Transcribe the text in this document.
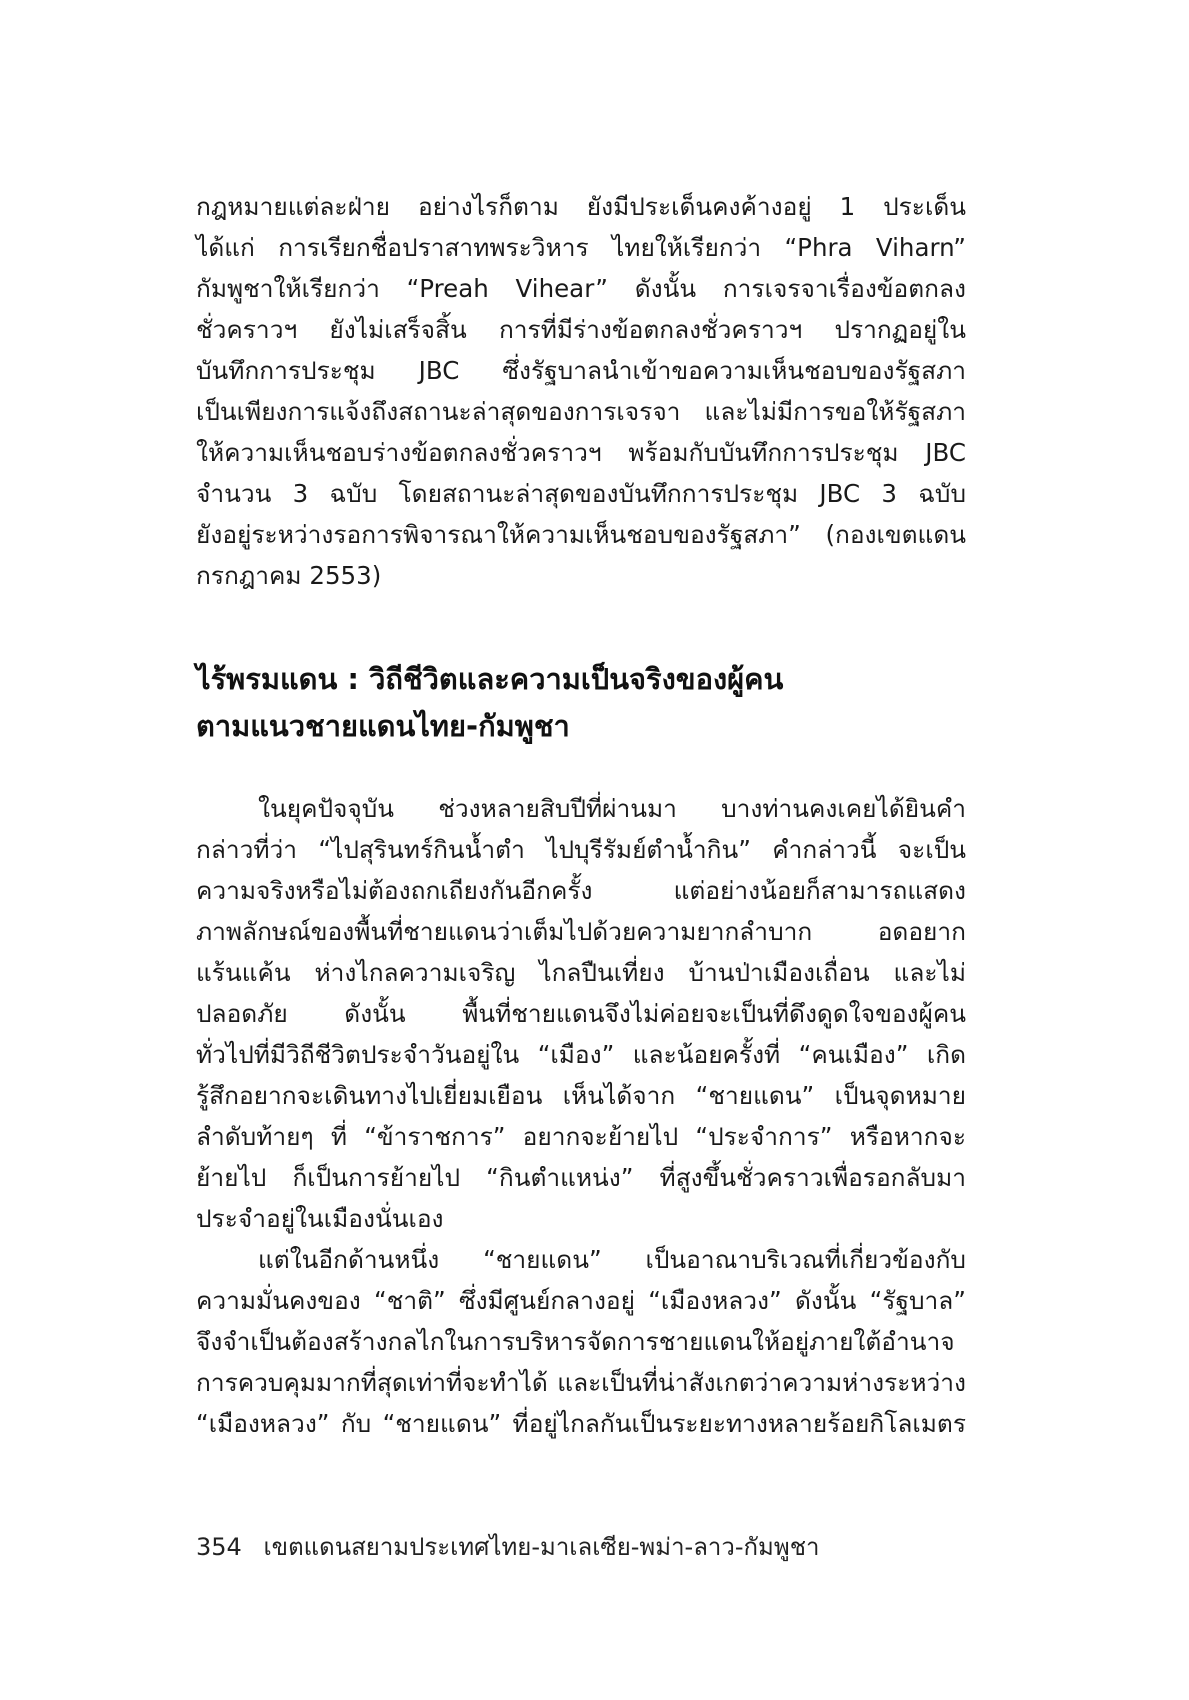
กฎหมายแต่ละฝ่าย อย่างไรก็ตาม ยังมีประเด็นคงค้างอยู่ 1 ประเด็น
ได้แก่ การเรียกชื่อปราสาทพระวิหาร ไทยให้เรียกว่า “Phra Viharn”
กัมพูชาให้เรียกว่า “Preah Vihear” ดังนั้น การเจรจาเรื่องข้อตกลง
ชั่วคราวฯ ยังไม่เสร็จสิ้น การที่มีร่างข้อตกลงชั่วคราวฯ ปรากฏอยู่ใน
บันทึกการประชุม JBC ซึ่งรัฐบาลนำเข้าขอความเห็นชอบของรัฐสภา
เป็นเพียงการแจ้งถึงสถานะล่าสุดของการเจรจา และไม่มีการขอให้รัฐสภา
ให้ความเห็นชอบร่างข้อตกลงชั่วคราวฯ พร้อมกับบันทึกการประชุม JBC
จำนวน 3 ฉบับ โดยสถานะล่าสุดของบันทึกการประชุม JBC 3 ฉบับ
ยังอยู่ระหว่างรอการพิจารณาให้ความเห็นชอบของรัฐสภา” (กองเขตแดน
กรกฎาคม 2553)
ไร้พรมแดน : วิถีชีวิตและความเป็นจริงของผู้คน
ตามแนวชายแดนไทย-กัมพูชา
ในยุคปัจจุบัน ช่วงหลายสิบปีที่ผ่านมา บางท่านคงเคยได้ยินคำ
กล่าวที่ว่า “ไปสุรินทร์กินน้ำตำ ไปบุรีรัมย์ตำน้ำกิน” คำกล่าวนี้ จะเป็น
ความจริงหรือไม่ต้องถกเถียงกันอีกครั้ง แต่อย่างน้อยก็สามารถแสดง
ภาพลักษณ์ของพื้นที่ชายแดนว่าเต็มไปด้วยความยากลำบาก อดอยาก
แร้นแค้น ห่างไกลความเจริญ ไกลปืนเที่ยง บ้านป่าเมืองเถื่อน และไม่
ปลอดภัย ดังนั้น พื้นที่ชายแดนจึงไม่ค่อยจะเป็นที่ดึงดูดใจของผู้คน
ทั่วไปที่มีวิถีชีวิตประจำวันอยู่ใน “เมือง” และน้อยครั้งที่ “คนเมือง” เกิด
รู้สึกอยากจะเดินทางไปเยี่ยมเยือน เห็นได้จาก “ชายแดน” เป็นจุดหมาย
ลำดับท้ายๆ ที่ “ข้าราชการ” อยากจะย้ายไป “ประจำการ” หรือหากจะ
ย้ายไป ก็เป็นการย้ายไป “กินตำแหน่ง” ที่สูงขึ้นชั่วคราวเพื่อรอกลับมา
ประจำอยู่ในเมืองนั่นเอง
แต่ในอีกด้านหนึ่ง “ชายแดน” เป็นอาณาบริเวณที่เกี่ยวข้องกับ
ความมั่นคงของ “ชาติ” ซึ่งมีศูนย์กลางอยู่ “เมืองหลวง” ดังนั้น “รัฐบาล”
จึงจำเป็นต้องสร้างกลไกในการบริหารจัดการชายแดนให้อยู่ภายใต้อำนาจ
การควบคุมมากที่สุดเท่าที่จะทำได้ และเป็นที่น่าสังเกตว่าความห่างระหว่าง
“เมืองหลวง” กับ “ชายแดน” ที่อยู่ไกลกันเป็นระยะทางหลายร้อยกิโลเมตร
354 เขตแดนสยามประเทศไทย-มาเลเซีย-พม่า-ลาว-กัมพูชา
